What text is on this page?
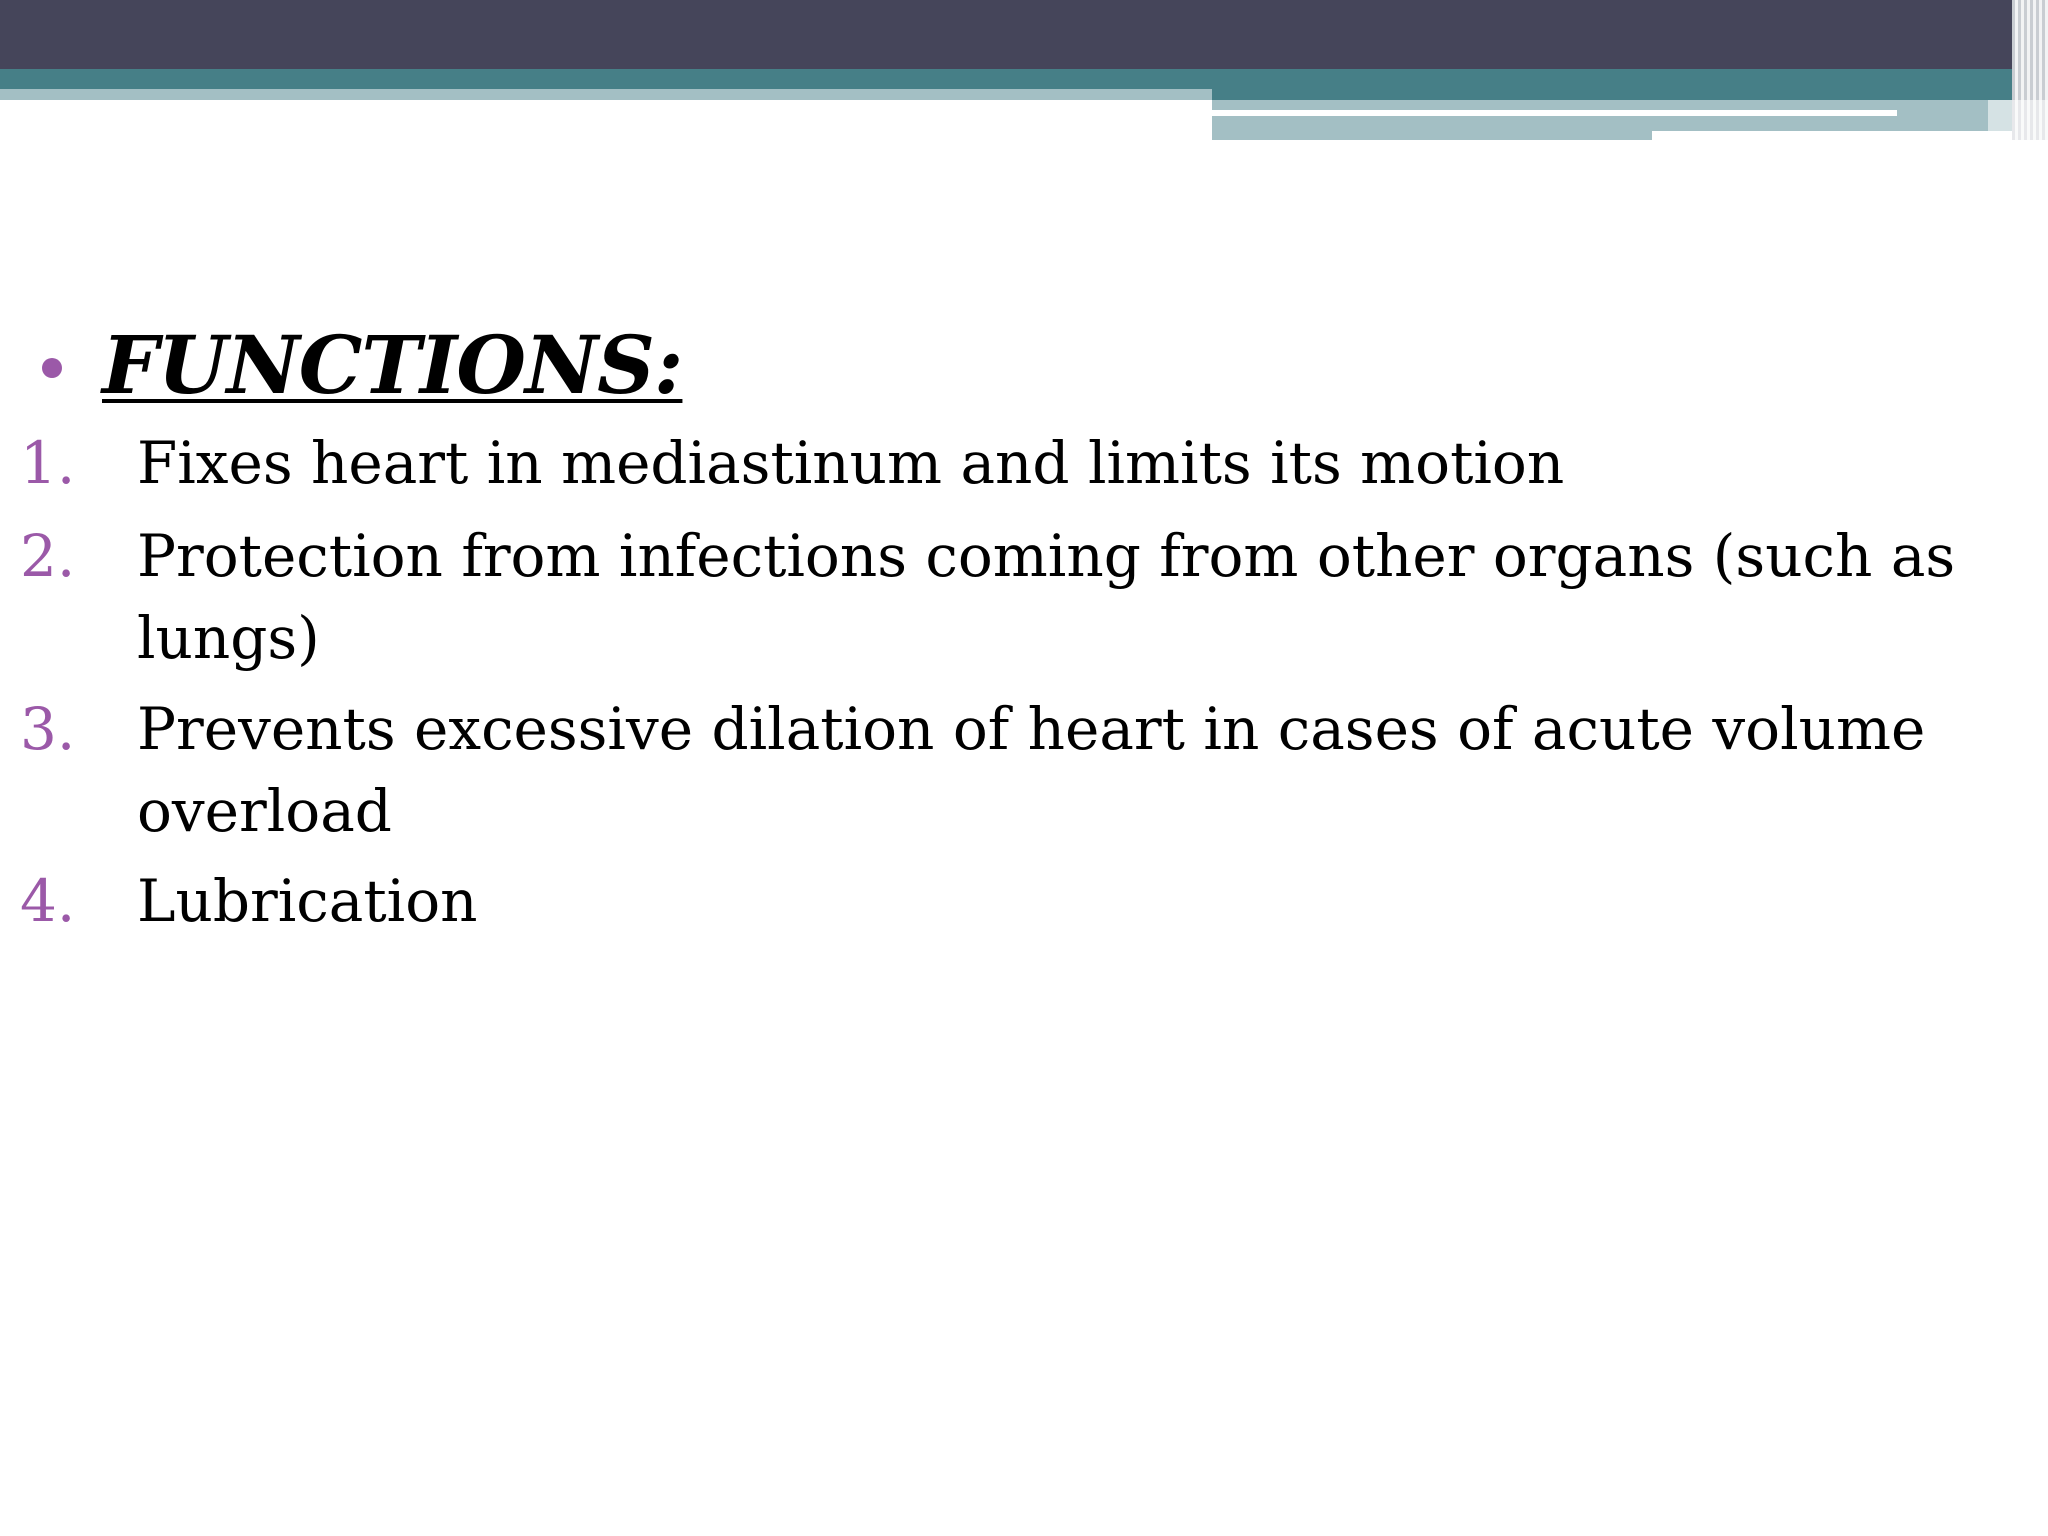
FUNCTIONS:
1. Fixes heart in mediastinum and limits its motion
2. Protection from infections coming from other organs (such as
lungs)
3. Prevents excessive dilation of heart in cases of acute volume
overload
4. Lubrication
